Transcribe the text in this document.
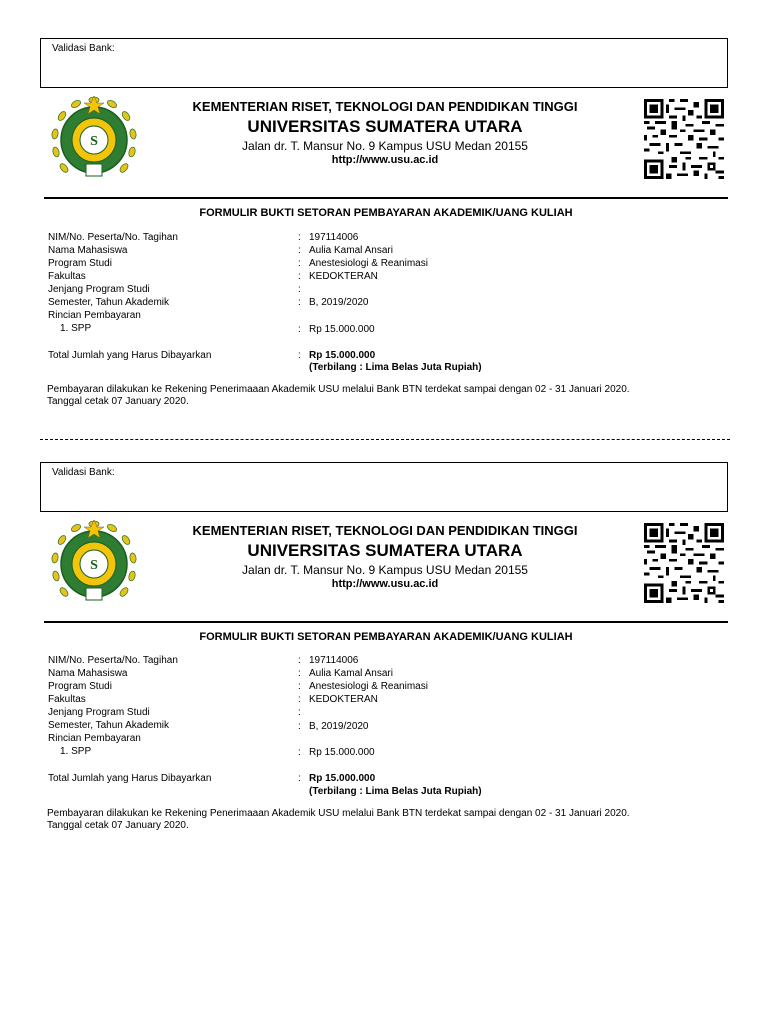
Validasi Bank:
S
KEMENTERIAN RISET, TEKNOLOGI DAN PENDIDIKAN TINGGI
UNIVERSITAS SUMATERA UTARA
Jalan dr. T. Mansur No. 9 Kampus USU Medan 20155
http://www.usu.ac.id
FORMULIR BUKTI SETORAN PEMBAYARAN AKADEMIK/UANG KULIAH
NIM/No. Peserta/No. Tagihan	: 197114006
Nama Mahasiswa	: Aulia Kamal Ansari
Program Studi	: Anestesiologi & Reanimasi
Fakultas	: KEDOKTERAN
Jenjang Program Studi	:
Semester, Tahun Akademik	: B, 2019/2020
Rincian Pembayaran
1. SPP	: Rp 15.000.000
Total Jumlah yang Harus Dibayarkan	: Rp 15.000.000
(Terbilang : Lima Belas Juta Rupiah)
Pembayaran dilakukan ke Rekening Penerimaaan Akademik USU melalui Bank BTN terdekat sampai dengan 02 - 31 Januari 2020.
Tanggal cetak 07 January 2020.
Validasi Bank:
S
KEMENTERIAN RISET, TEKNOLOGI DAN PENDIDIKAN TINGGI
UNIVERSITAS SUMATERA UTARA
Jalan dr. T. Mansur No. 9 Kampus USU Medan 20155
http://www.usu.ac.id
FORMULIR BUKTI SETORAN PEMBAYARAN AKADEMIK/UANG KULIAH
NIM/No. Peserta/No. Tagihan	: 197114006
Nama Mahasiswa	: Aulia Kamal Ansari
Program Studi	: Anestesiologi & Reanimasi
Fakultas	: KEDOKTERAN
Jenjang Program Studi	:
Semester, Tahun Akademik	: B, 2019/2020
Rincian Pembayaran
1. SPP	: Rp 15.000.000
Total Jumlah yang Harus Dibayarkan	: Rp 15.000.000
(Terbilang : Lima Belas Juta Rupiah)
Pembayaran dilakukan ke Rekening Penerimaaan Akademik USU melalui Bank BTN terdekat sampai dengan 02 - 31 Januari 2020.
Tanggal cetak 07 January 2020.
